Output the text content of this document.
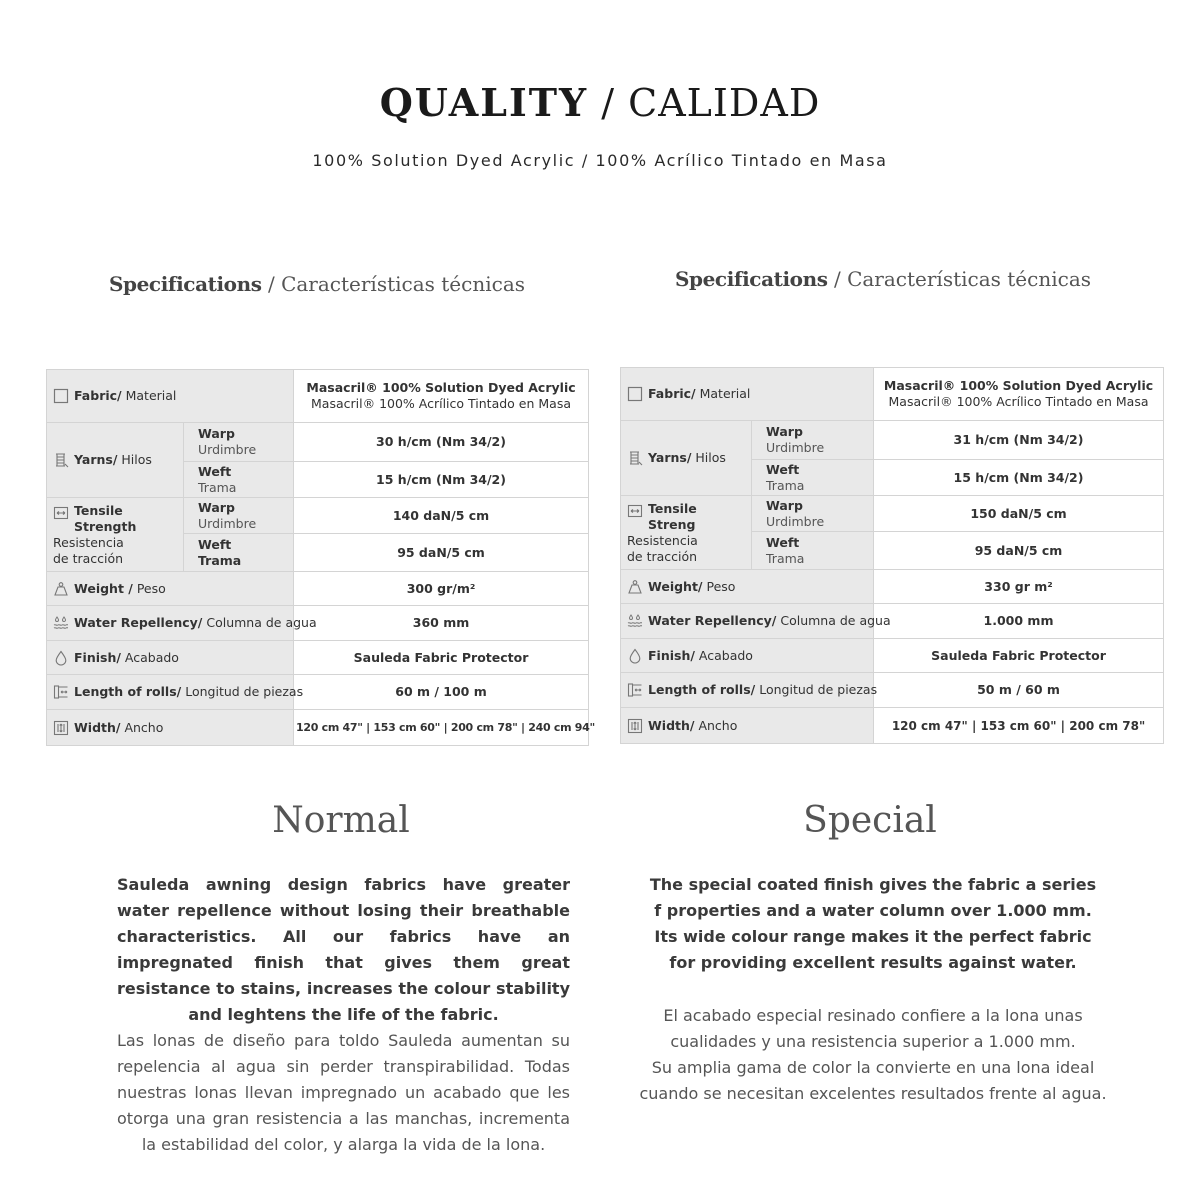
QUALITY / CALIDAD
100% Solution Dyed Acrylic / 100% Acrílico Tintado en Masa
Specifications / Características técnicas	Specifications / Características técnicas
Fabric/ Material		Masacril® 100% Solution Dyed Acrylic
Masacril® 100% Acrílico Tintado en Masa

Yarns/ Hilos	Warp
Urdimbre	30 h/cm (Nm 34/2)

	Weft
Trama	15 h/cm (Nm 34/2)

Tensile Strength
Resistencia
de tracción	Warp
Urdimbre	140 daN/5 cm

	Weft
Trama	95 daN/5 cm

Weight / Peso		300 gr/m²

Water Repellency/ Columna de agua		360 mm

Finish/ Acabado		Sauleda Fabric Protector

Length of rolls/ Longitud de piezas		60 m / 100 m

Width/ Ancho		120 cm 47" | 153 cm 60" | 200 cm 78" | 240 cm 94"
Fabric/ Material		Masacril® 100% Solution Dyed Acrylic
Masacril® 100% Acrílico Tintado en Masa

Yarns/ Hilos	Warp
Urdimbre	31 h/cm (Nm 34/2)

	Weft
Trama	15 h/cm (Nm 34/2)

Tensile Streng
Resistencia
de tracción	Warp
Urdimbre	150 daN/5 cm

	Weft
Trama	95 daN/5 cm

Weight/ Peso		330 gr m²

Water Repellency/ Columna de agua		1.000 mm

Finish/ Acabado		Sauleda Fabric Protector

Length of rolls/ Longitud de piezas		50 m / 60 m

Width/ Ancho		120 cm 47" | 153 cm 60" | 200 cm 78"
Normal	Special
Sauleda awning design fabrics have greater water repellence without losing their breathable characteristics. All our fabrics have an impregnated finish that gives them great resistance to stains, increases the colour stability and leghtens the life of the fabric.
Las lonas de diseño para toldo Sauleda aumentan su repelencia al agua sin perder transpirabilidad. Todas nuestras lonas llevan impregnado un acabado que les otorga una gran resistencia a las manchas, incrementa la estabilidad del color, y alarga la vida de la lona.
The special coated finish gives the fabric a series
f properties and a water column over 1.000 mm.
Its wide colour range makes it the perfect fabric
for providing excellent results against water.
El acabado especial resinado confiere a la lona unas
cualidades y una resistencia superior a 1.000 mm.
Su amplia gama de color la convierte en una lona ideal
cuando se necesitan excelentes resultados frente al agua.
